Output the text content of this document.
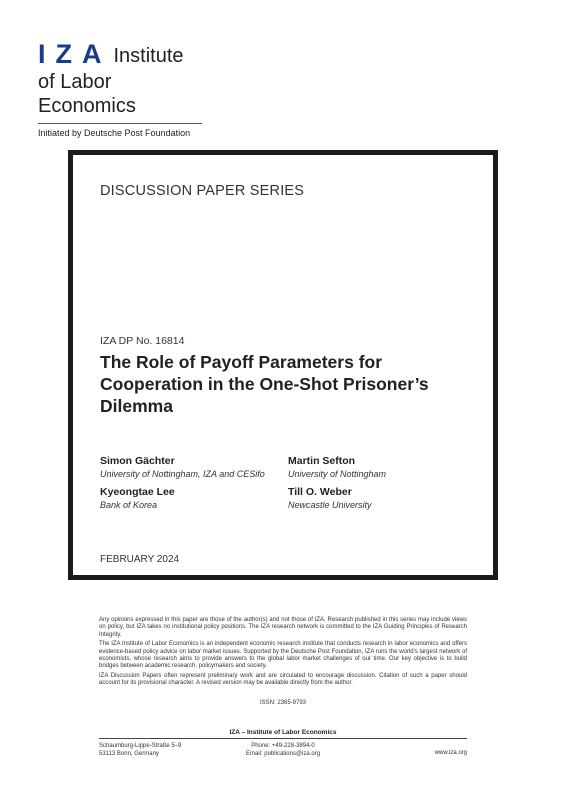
IZA Institute
of Labor Economics
Initiated by Deutsche Post Foundation
DISCUSSION PAPER SERIES
IZA DP No. 16814
The Role of Payoff Parameters for Cooperation in the One-Shot Prisoner’s Dilemma
Simon Gächter
University of Nottingham, IZA and CESifo
Martin Sefton
University of Nottingham
Kyeongtae Lee
Bank of Korea
Till O. Weber
Newcastle University
FEBRUARY 2024

Any opinions expressed in this paper are those of the author(s) and not those of IZA. Research published in this series may include views on policy, but IZA takes no institutional policy positions. The IZA research network is committed to the IZA Guiding Principles of Research Integrity.

The IZA Institute of Labor Economics is an independent economic research institute that conducts research in labor economics and offers evidence-based policy advice on labor market issues. Supported by the Deutsche Post Foundation, IZA runs the world’s largest network of economists, whose research aims to provide answers to the global labor market challenges of our time. Our key objective is to build bridges between academic research, policymakers and society.

IZA Discussion Papers often represent preliminary work and are circulated to encourage discussion. Citation of such a paper should account for its provisional character. A revised version may be available directly from the author.

ISSN: 2365-9793
IZA – Institute of Labor Economics
Schaumburg-Lippe-Straße 5–9
53113 Bonn, Germany
Phone: +49-228-3894-0
Email: publications@iza.org	www.iza.org
